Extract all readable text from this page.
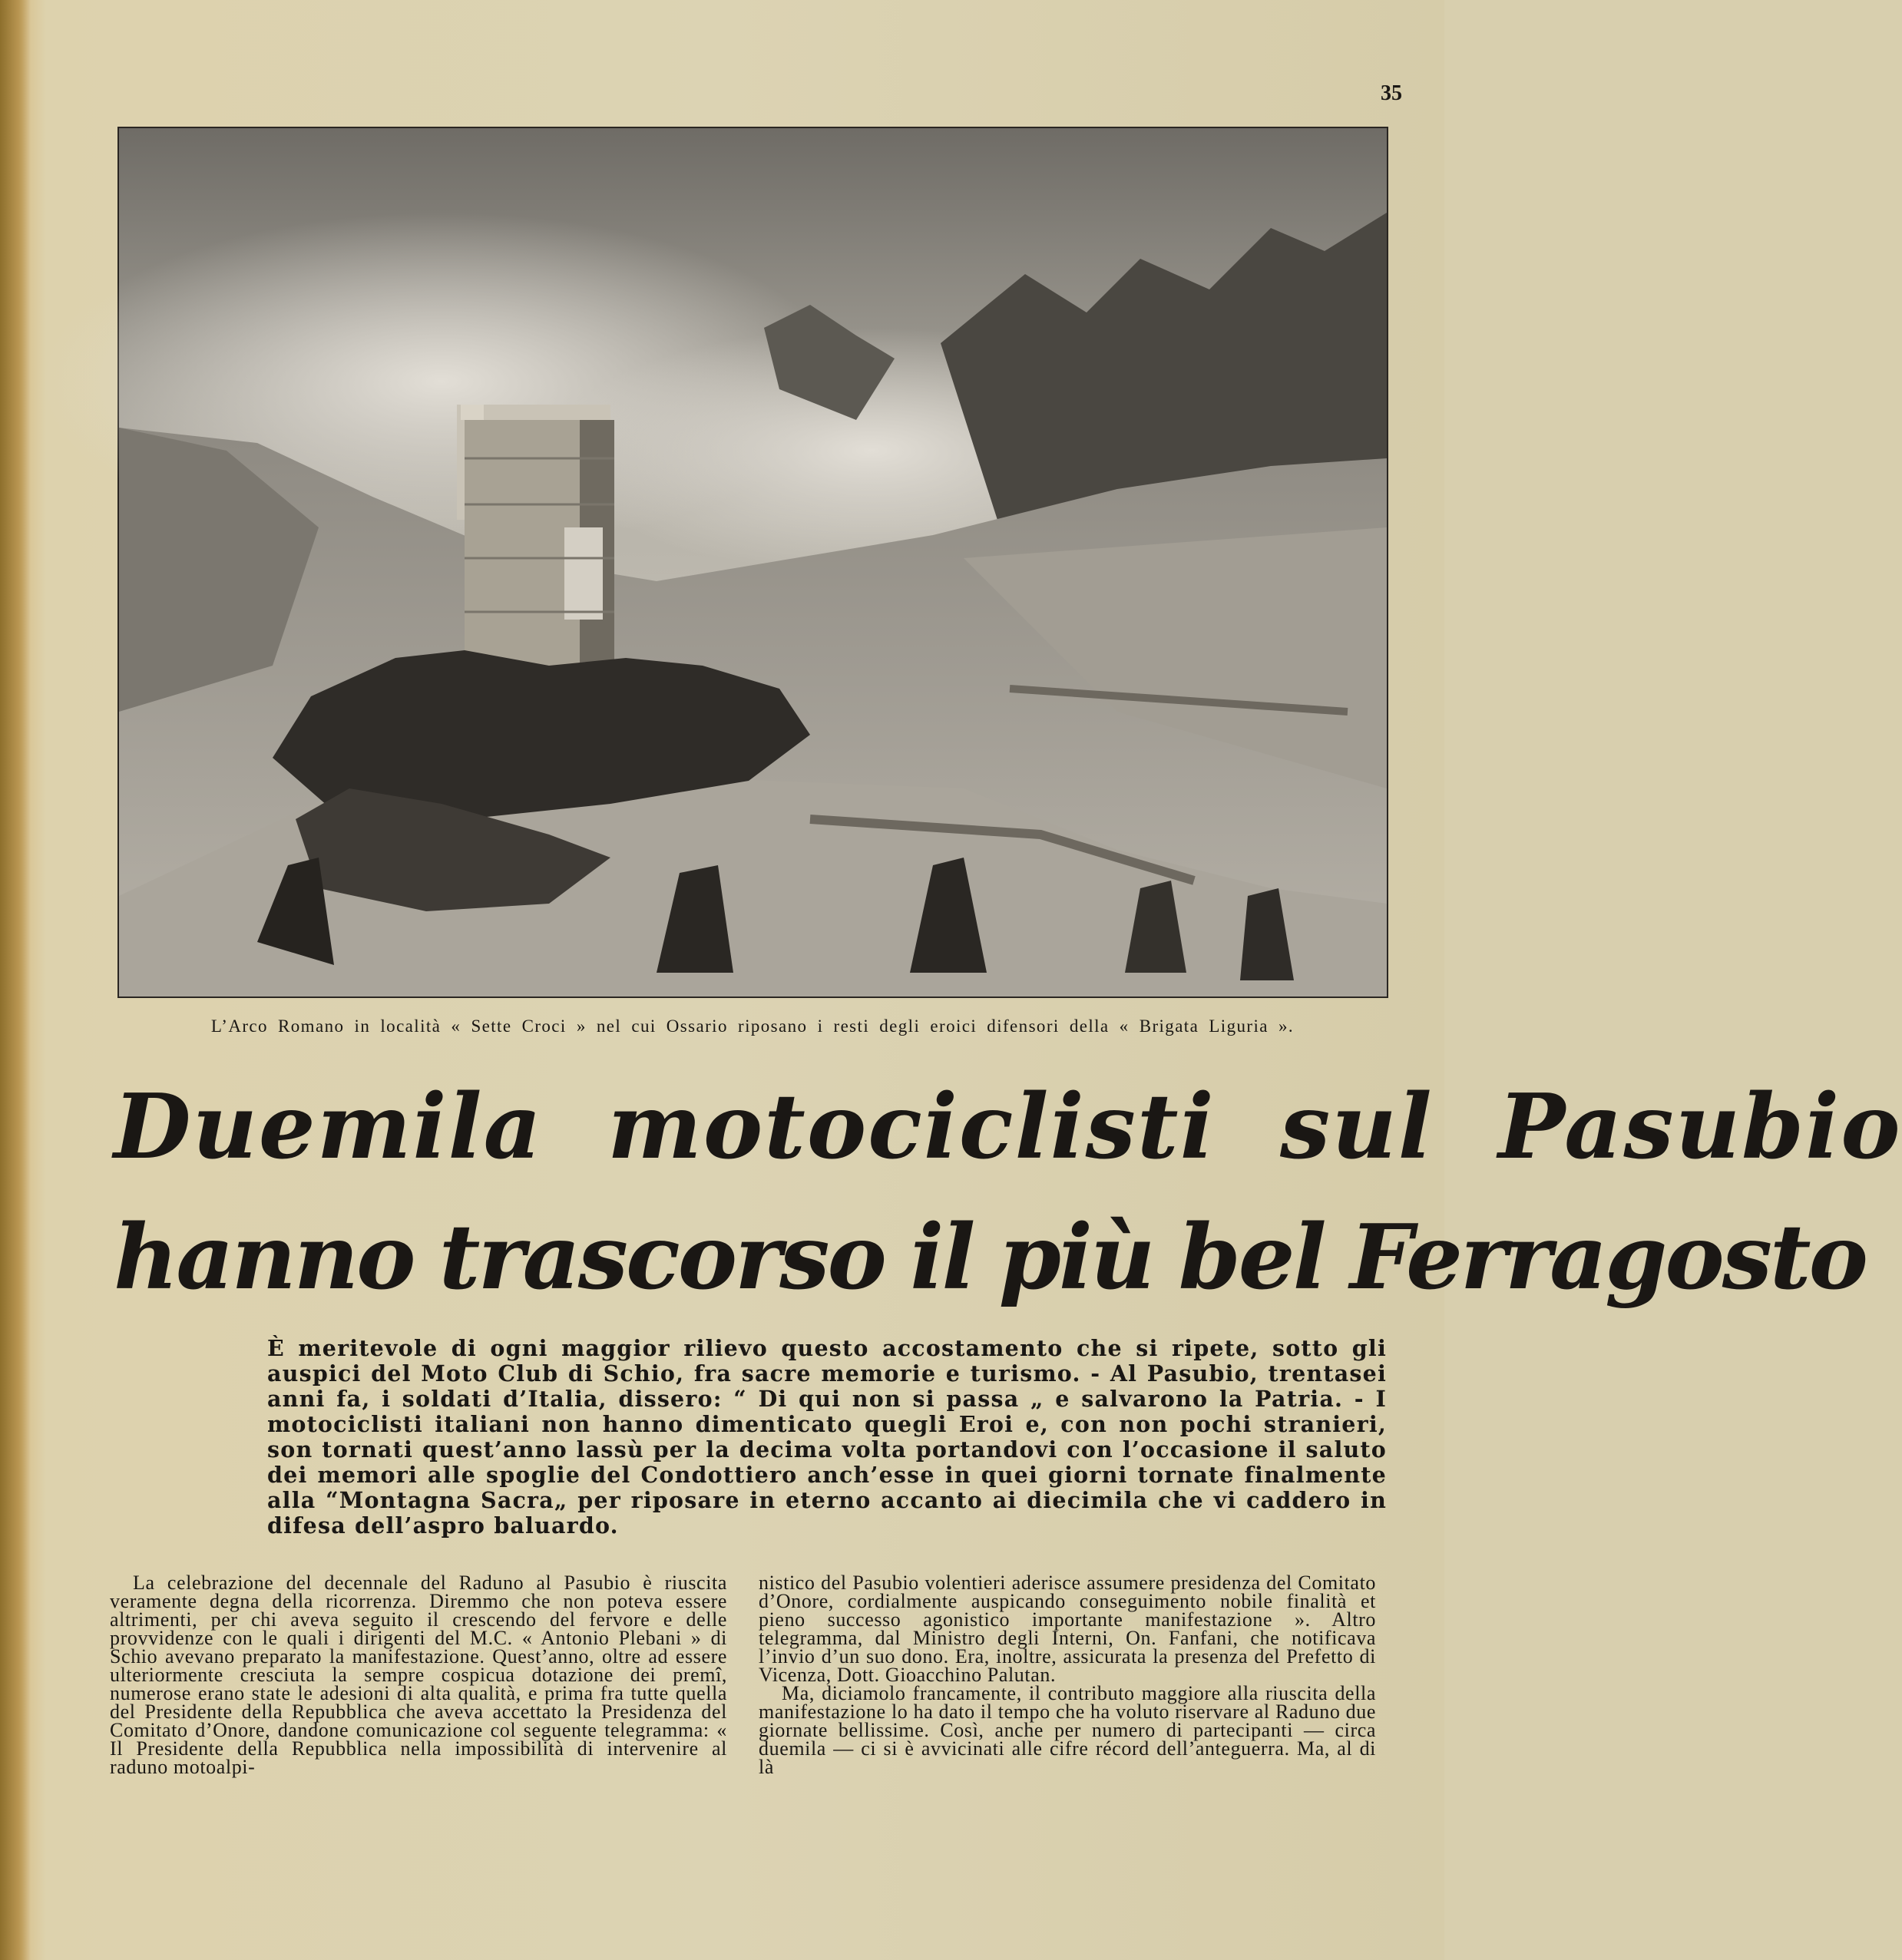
35
L’Arco Romano in località « Sette Croci » nel cui Ossario riposano i resti degli eroici difensori della « Brigata Liguria ».
Duemila motociclisti sul Pasubio
hanno trascorso il più bel Ferragosto
È meritevole di ogni maggior rilievo questo accostamento che si ripete, sotto gli auspici del Moto Club di Schio, fra sacre memorie e turismo. - Al Pasubio, trentasei anni fa, i soldati d’Italia, dissero: “ Di qui non si passa „ e salvarono la Patria. - I motociclisti italiani non hanno dimenticato quegli Eroi e, con non pochi stranieri, son tornati quest’anno lassù per la decima volta portandovi con l’occasione il saluto dei memori alle spoglie del Condottiero anch’esse in quei giorni tornate finalmente alla “Montagna Sacra„ per riposare in eterno accanto ai diecimila che vi caddero in difesa dell’aspro baluardo.
La celebrazione del decennale del Raduno al Pasubio è riuscita veramente degna della ricorrenza. Diremmo che non poteva essere altrimenti, per chi aveva seguito il crescendo del fervore e delle provvidenze con le quali i dirigenti del M.C. « Antonio Plebani » di Schio avevano preparato la manifestazione. Quest’anno, oltre ad essere ulteriormente cresciuta la sempre cospicua dotazione dei premî, numerose erano state le adesioni di alta qualità, e prima fra tutte quella del Presidente della Repubblica che aveva accettato la Presidenza del Comitato d’Onore, dandone comunicazione col seguente telegramma: « Il Presidente della Repubblica nella impossibilità di intervenire al raduno motoalpi-

nistico del Pasubio volentieri aderisce assumere presidenza del Comitato d’Onore, cordialmente auspicando conseguimento nobile finalità et pieno successo agonistico importante manifestazione ». Altro telegramma, dal Ministro degli Interni, On. Fanfani, che notificava l’invio d’un suo dono. Era, inoltre, assicurata la presenza del Prefetto di Vicenza, Dott. Gioacchino Palutan.

Ma, diciamolo francamente, il contributo maggiore alla riuscita della manifestazione lo ha dato il tempo che ha voluto riservare al Raduno due giornate bellissime. Così, anche per numero di partecipanti — circa duemila — ci si è avvicinati alle cifre récord dell’anteguerra. Ma, al di là
